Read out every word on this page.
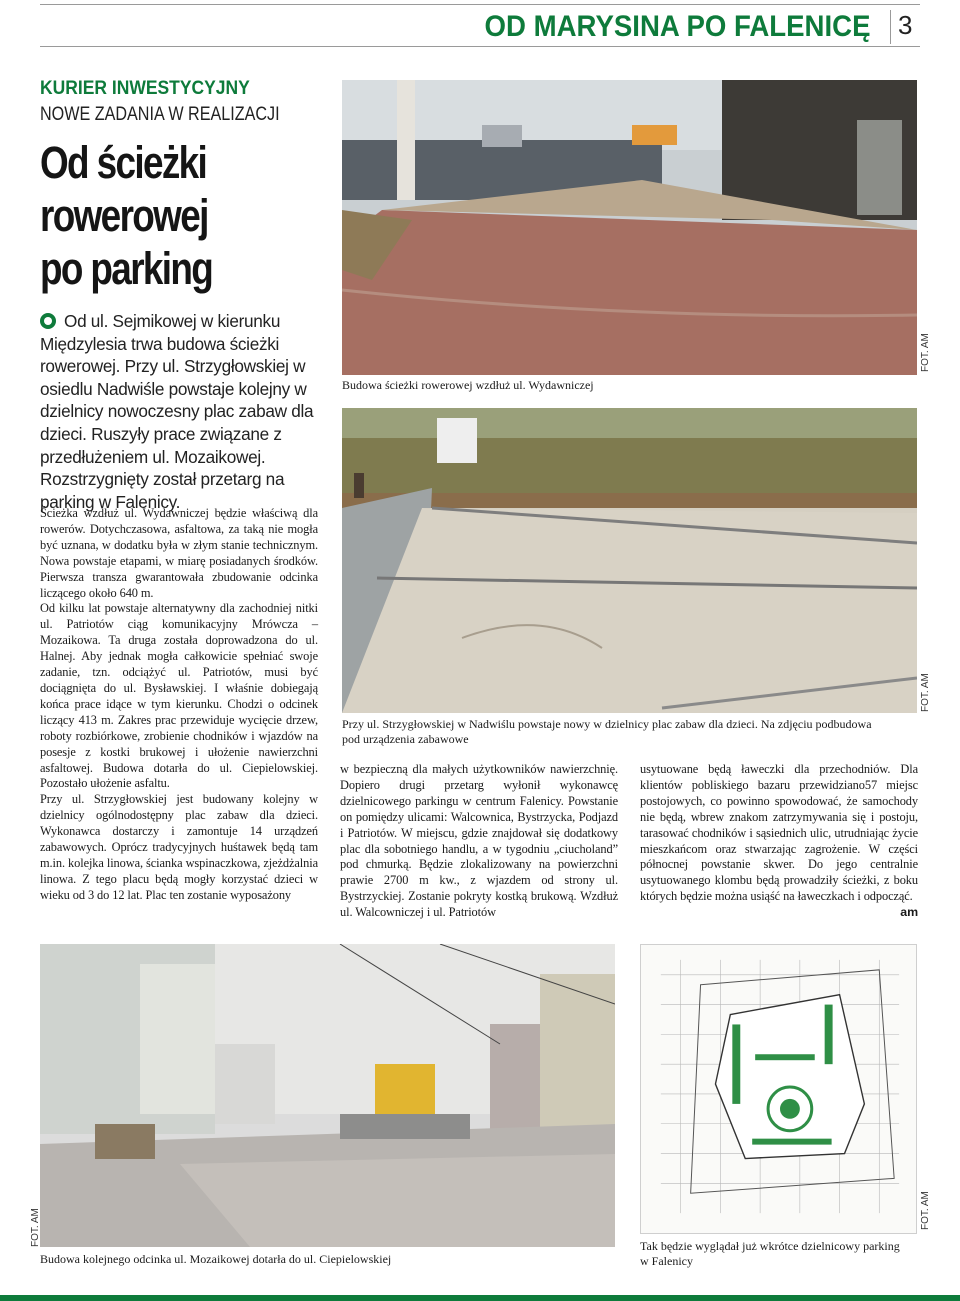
OD MARYSINA PO FALENICĘ 3
KURIER INWESTYCYJNY
NOWE ZADANIA W REALIZACJI
Od ścieżki
rowerowej
po parking
Od ul. Sejmikowej w kierunku Międzylesia trwa budowa ścieżki rowerowej. Przy ul. Strzygłowskiej w osiedlu Nadwiśle powstaje kolejny w dzielnicy nowoczesny plac zabaw dla dzieci. Ruszyły prace związane z przedłużeniem ul. Mozaikowej. Rozstrzygnięty został przetarg na parking w Falenicy.

Ścieżka wzdłuż ul. Wydawniczej będzie właściwą dla rowerów. Dotychczasowa, asfaltowa, za taką nie mogła być uznana, w dodatku była w złym stanie technicznym. Nowa powstaje etapami, w miarę posiadanych środków. Pierwsza transza gwarantowała zbudowanie odcinka liczącego około 640 m.

Od kilku lat powstaje alternatywny dla zachodniej nitki ul. Patriotów ciąg komunikacyjny Mrówcza – Mozaikowa. Ta druga została doprowadzona do ul. Halnej. Aby jednak mogła całkowicie spełniać swoje zadanie, tzn. odciążyć ul. Patriotów, musi być dociągnięta do ul. Bysławskiej. I właśnie dobiegają końca prace idące w tym kierunku. Chodzi o odcinek liczący 413 m. Zakres prac przewiduje wycięcie drzew, roboty rozbiórkowe, zrobienie chodników i wjazdów na posesje z kostki brukowej i ułożenie nawierzchni asfaltowej. Budowa dotarła do ul. Ciepielowskiej. Pozostało ułożenie asfaltu.

Przy ul. Strzygłowskiej jest budowany kolejny w dzielnicy ogólnodostępny plac zabaw dla dzieci. Wykonawca dostarczy i zamontuje 14 urządzeń zabawowych. Oprócz tradycyjnych huśtawek będą tam m.in. kolejka linowa, ścianka wspinaczkowa, zjeżdżalnia linowa. Z tego placu będą mogły korzystać dzieci w wieku od 3 do 12 lat. Plac ten zostanie wyposażony

w bezpieczną dla małych użytkowników nawierzchnię. Dopiero drugi przetarg wyłonił wykonawcę dzielnicowego parkingu w centrum Falenicy. Powstanie on pomiędzy ulicami: Walcownica, Bystrzycka, Podjazd i Patriotów. W miejscu, gdzie znajdował się dodatkowy plac dla sobotniego handlu, a w tygodniu „ciucholand” pod chmurką. Będzie zlokalizowany na powierzchni prawie 2700 m kw., z wjazdem od strony ul. Bystrzyckiej. Zostanie pokryty kostką brukową. Wzdłuż ul. Walcowniczej i ul. Patriotów

usytuowane będą ławeczki dla przechodniów. Dla klientów pobliskiego bazaru przewidziano57 miejsc postojowych, co powinno spowodować, że samochody nie będą, wbrew znakom zatrzymywania się i postoju, tarasować chodników i sąsiednich ulic, utrudniając życie mieszkańcom oraz stwarzając zagrożenie. W części północnej powstanie skwer. Do jego centralnie usytuowanego klombu będą prowadziły ścieżki, z boku których będzie można usiąść na ławeczkach i odpocząć.
am

Budowa ścieżki rowerowej wzdłuż ul. Wydawniczej
FOT. AM
Przy ul. Strzygłowskiej w Nadwiślu powstaje nowy w dzielnicy plac zabaw dla dzieci. Na zdjęciu podbudowa pod urządzenia zabawowe
FOT. AM
Budowa kolejnego odcinka ul. Mozaikowej dotarła do ul. Ciepielowskiej
FOT. AM	Tak będzie wyglądał już wkrótce dzielnicowy parking w Falenicy
FOT. AM
